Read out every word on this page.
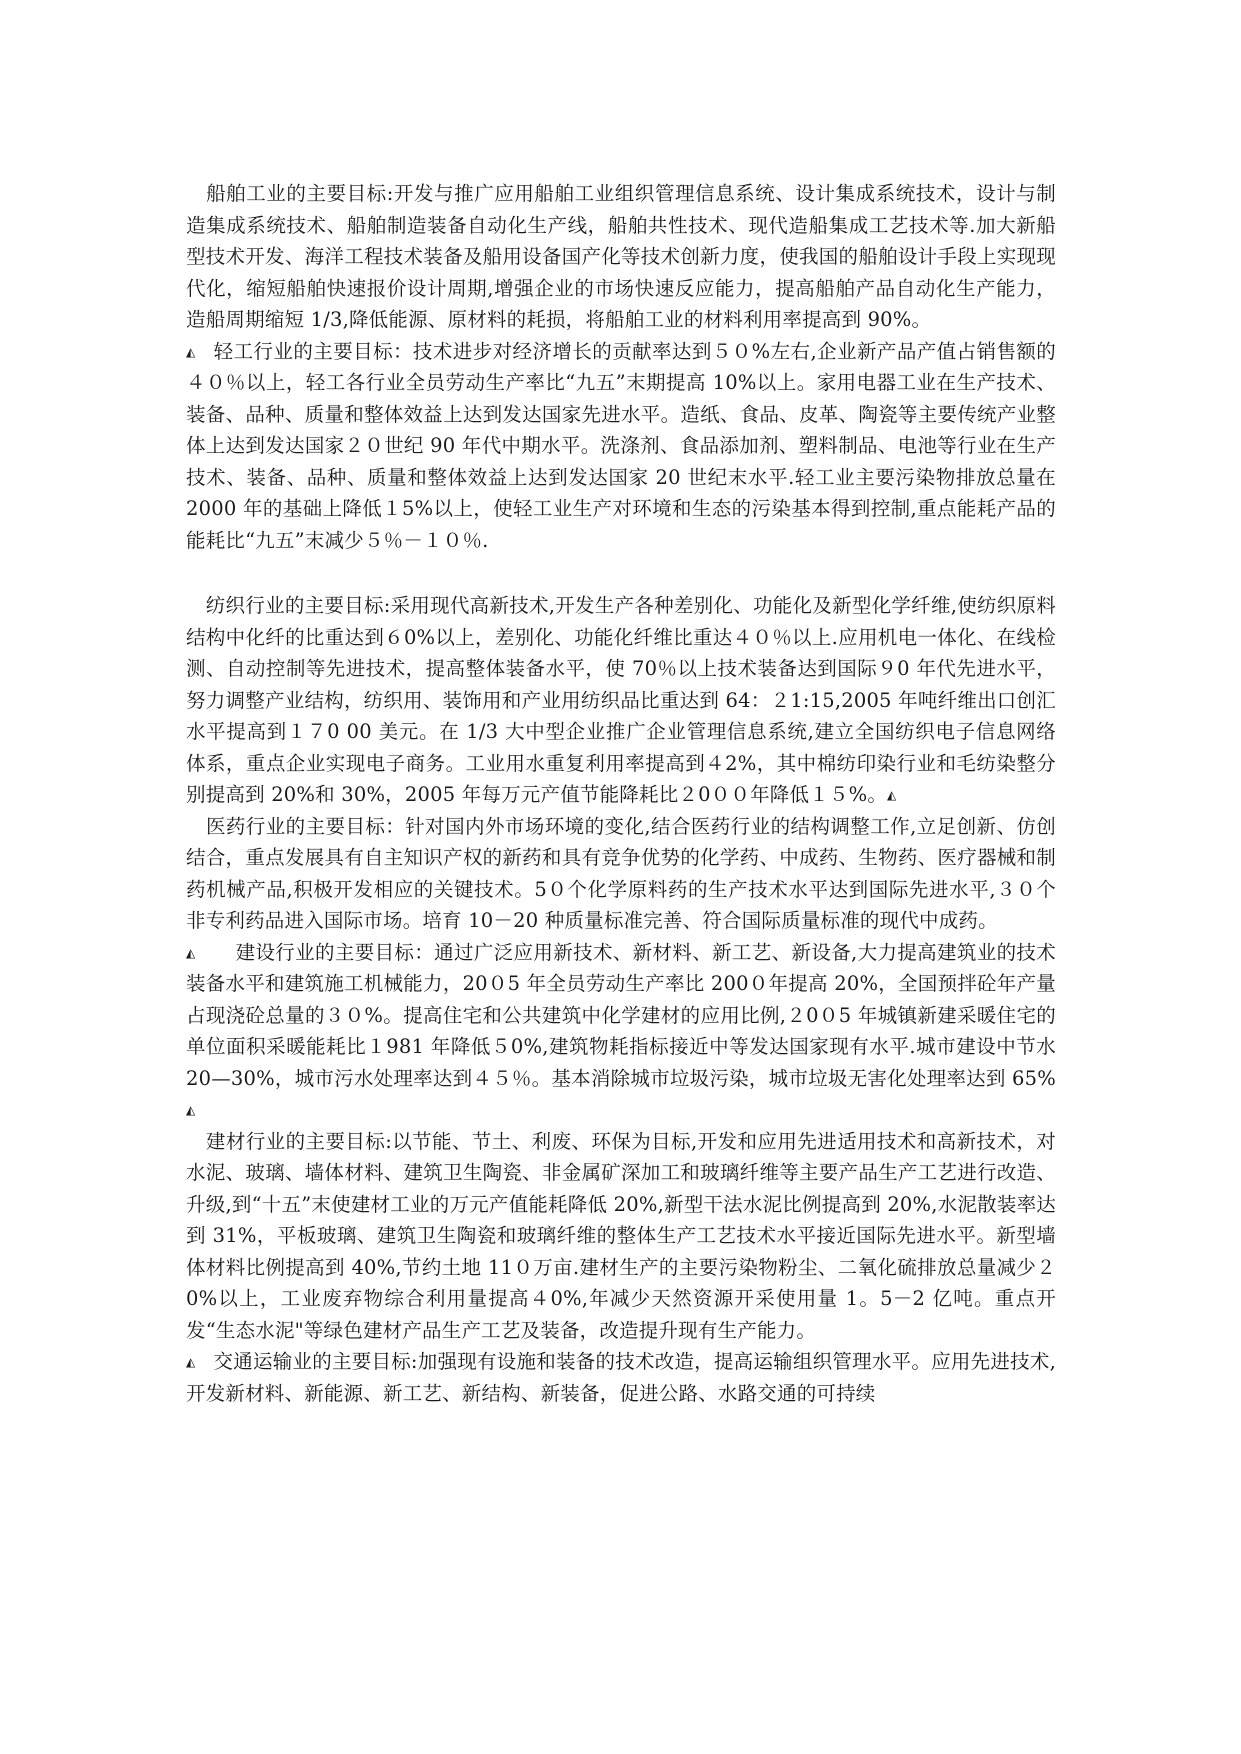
　船舶工业的主要目标:开发与推广应用船舶工业组织管理信息系统、设计集成系统技术，设计与制造集成系统技术、船舶制造装备自动化生产线，船舶共性技术、现代造船集成工艺技术等.加大新船型技术开发、海洋工程技术装备及船用设备国产化等技术创新力度，使我国的船舶设计手段上实现现代化，缩短船舶快速报价设计周期,增强企业的市场快速反应能力，提高船舶产品自动化生产能力，造船周期缩短 1/3,降低能源、原材料的耗损，将船舶工业的材料利用率提高到 90%。

◭ 轻工行业的主要目标：技术进步对经济增长的贡献率达到５０%左右,企业新产品产值占销售额的４０％以上，轻工各行业全员劳动生产率比“九五”末期提高 10%以上。家用电器工业在生产技术、装备、品种、质量和整体效益上达到发达国家先进水平。造纸、食品、皮革、陶瓷等主要传统产业整体上达到发达国家２０世纪 90 年代中期水平。洗涤剂、食品添加剂、塑料制品、电池等行业在生产技术、装备、品种、质量和整体效益上达到发达国家 20 世纪末水平.轻工业主要污染物排放总量在 2000 年的基础上降低１5%以上，使轻工业生产对环境和生态的污染基本得到控制,重点能耗产品的能耗比“九五”末减少５％－１０％.

　纺织行业的主要目标:采用现代高新技术,开发生产各种差别化、功能化及新型化学纤维,使纺织原料结构中化纤的比重达到６0%以上，差别化、功能化纤维比重达４０％以上.应用机电一体化、在线检测、自动控制等先进技术，提高整体装备水平，使 70％以上技术装备达到国际９0 年代先进水平，努力调整产业结构，纺织用、装饰用和产业用纺织品比重达到 64：２1:15,2005 年吨纤维出口创汇水平提高到１７0 00 美元。在 1/3 大中型企业推广企业管理信息系统,建立全国纺织电子信息网络体系，重点企业实现电子商务。工业用水重复利用率提高到４2%，其中棉纺印染行业和毛纺染整分别提高到 20%和 30%，2005 年每万元产值节能降耗比２0００年降低１５%。◭

　医药行业的主要目标：针对国内外市场环境的变化,结合医药行业的结构调整工作,立足创新、仿创结合，重点发展具有自主知识产权的新药和具有竞争优势的化学药、中成药、生物药、医疗器械和制药机械产品,积极开发相应的关键技术。5０个化学原料药的生产技术水平达到国际先进水平,３０个非专利药品进入国际市场。培育 10－20 种质量标准完善、符合国际质量标准的现代中成药。

◭ 建设行业的主要目标：通过广泛应用新技术、新材料、新工艺、新设备,大力提高建筑业的技术装备水平和建筑施工机械能力，20０5 年全员劳动生产率比 200０年提高 20%，全国预拌砼年产量占现浇砼总量的３０%。提高住宅和公共建筑中化学建材的应用比例,２0０5 年城镇新建采暖住宅的单位面积采暖能耗比１981 年降低５0%,建筑物耗指标接近中等发达国家现有水平.城市建设中节水 20—30%，城市污水处理率达到４５％。基本消除城市垃圾污染，城市垃圾无害化处理率达到 65%◭

　建材行业的主要目标:以节能、节土、利废、环保为目标,开发和应用先进适用技术和高新技术，对水泥、玻璃、墙体材料、建筑卫生陶瓷、非金属矿深加工和玻璃纤维等主要产品生产工艺进行改造、升级,到“十五”末使建材工业的万元产值能耗降低 20%,新型干法水泥比例提高到 20%,水泥散装率达到 31%，平板玻璃、建筑卫生陶瓷和玻璃纤维的整体生产工艺技术水平接近国际先进水平。新型墙体材料比例提高到 40%,节约土地 11０万亩.建材生产的主要污染物粉尘、二氧化硫排放总量减少２0%以上，工业废弃物综合利用量提高４0%,年减少天然资源开采使用量 1。5－2 亿吨。重点开发“生态水泥"等绿色建材产品生产工艺及装备，改造提升现有生产能力。

◭ 交通运输业的主要目标:加强现有设施和装备的技术改造，提高运输组织管理水平。应用先进技术,开发新材料、新能源、新工艺、新结构、新装备，促进公路、水路交通的可持续
